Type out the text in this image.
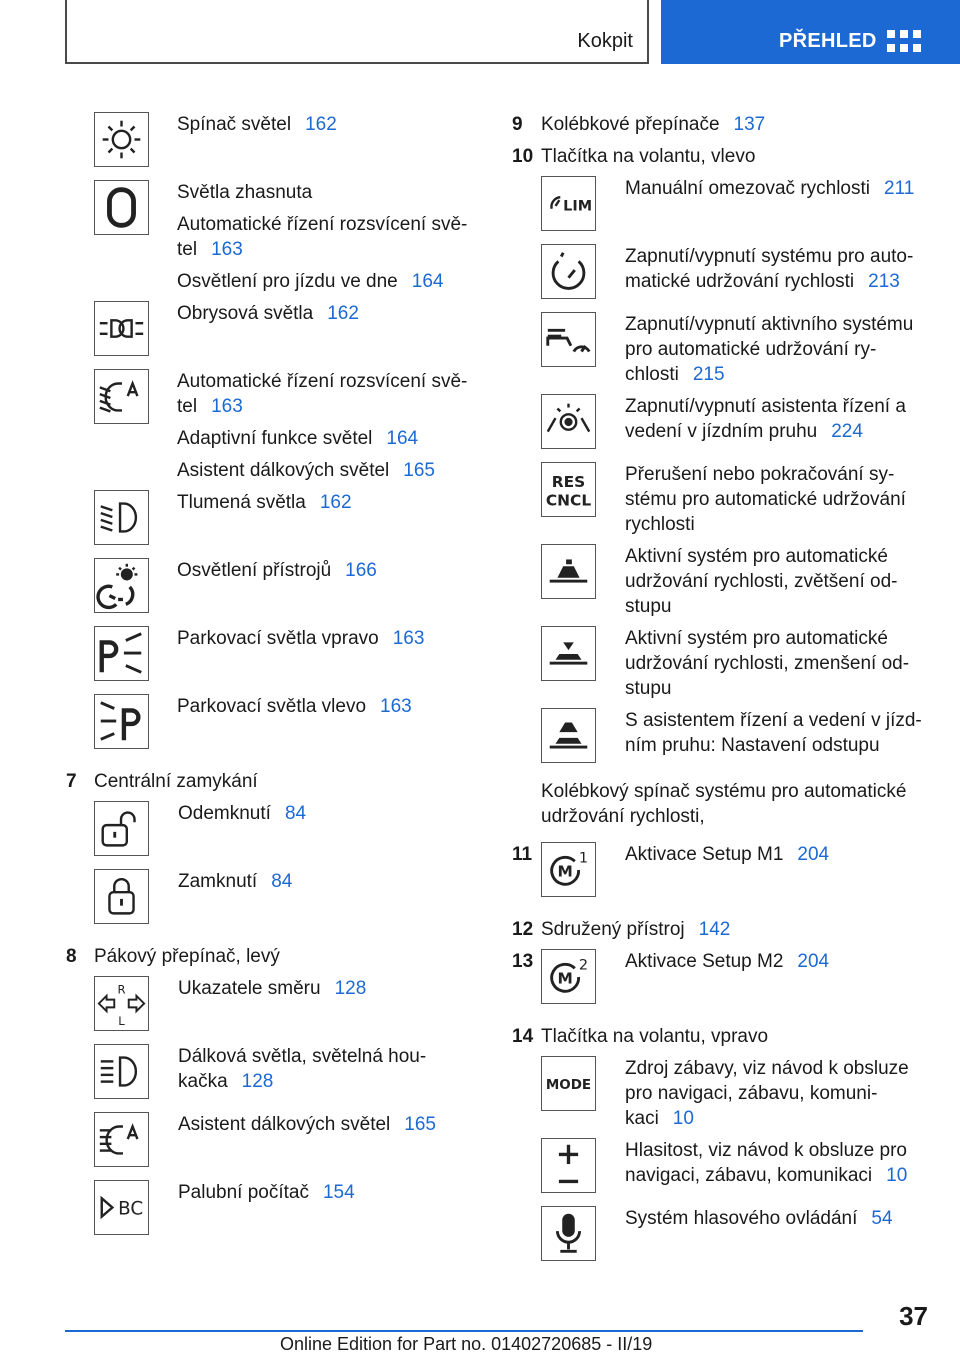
Kokpit	PŘEHLED
Spínač světel 162
Světla zhasnuta
Automatické řízení rozsvícení svě-
tel 163
Osvětlení pro jízdu ve dne 164
Obrysová světla 162
Automatické řízení rozsvícení svě-
tel 163
Adaptivní funkce světel 164
Asistent dálkových světel 165
Tlumená světla 162
Osvětlení přístrojů 166
Parkovací světla vpravo 163
Parkovací světla vlevo 163
7 Centrální zamykání
Odemknutí 84
Zamknutí 84
8 Pákový přepínač, levý
R
L
Ukazatele směru 128
Dálková světla, světelná hou-
kačka 128
Asistent dálkových světel 165
BC
Palubní počítač 154
9 Kolébkové přepínače 137
10 Tlačítka na volantu, vlevo
LIM
Manuální omezovač rychlosti 211
Zapnutí/vypnutí systému pro auto-
matické udržování rychlosti 213
Zapnutí/vypnutí aktivního systému
pro automatické udržování ry-
chlosti 215
Zapnutí/vypnutí asistenta řízení a
vedení v jízdním pruhu 224
RES
CNCL
Přerušení nebo pokračování sy-
stému pro automatické udržování
rychlosti
Aktivní systém pro automatické
udržování rychlosti, zvětšení od-
stupu
Aktivní systém pro automatické
udržování rychlosti, zmenšení od-
stupu
S asistentem řízení a vedení v jízd-
ním pruhu: Nastavení odstupu
Kolébkový spínač systému pro automatické
udržování rychlosti,
11
M
1 Aktivace Setup M1 204
12 Sdružený přístroj 142
13
M
2 Aktivace Setup M2 204
14 Tlačítka na volantu, vpravo
MODE
Zdroj zábavy, viz návod k obsluze
pro navigaci, zábavu, komuni-
kaci 10
Hlasitost, viz návod k obsluze pro
navigaci, zábavu, komunikaci 10
Systém hlasového ovládání 54
37
Online Edition for Part no. 01402720685 - II/19
